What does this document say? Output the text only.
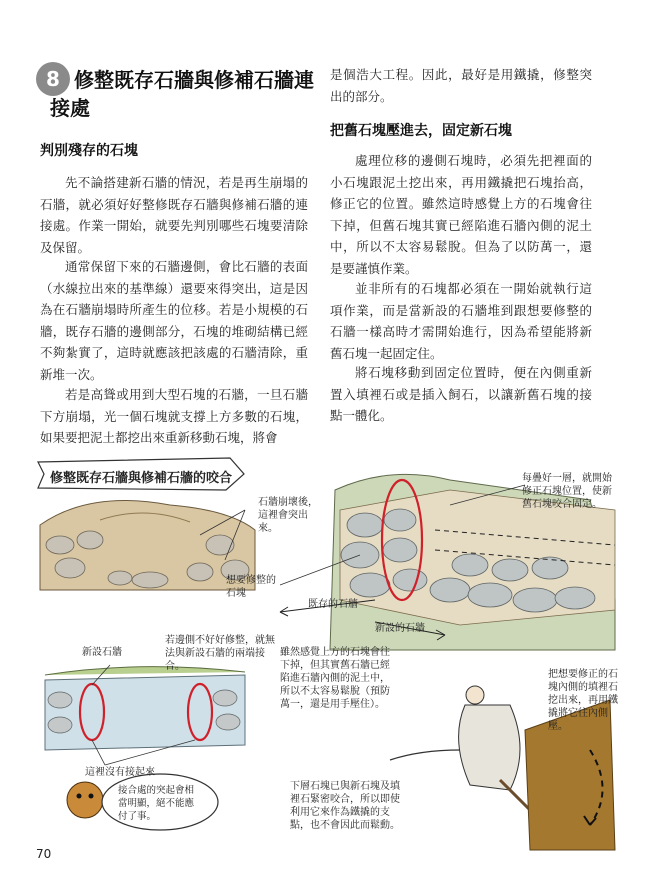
8 修整既存石牆與修補石牆連
接處
判別殘存的石塊

先不論搭建新石牆的情況，若是再生崩塌的石牆，就必須好好整修既存石牆與修補石牆的連接處。作業一開始，就要先判別哪些石塊要清除及保留。

通常保留下來的石牆邊側，會比石牆的表面（水線拉出來的基準線）還要來得突出，這是因為在石牆崩塌時所產生的位移。若是小規模的石牆，既存石牆的邊側部分，石塊的堆砌結構已經不夠紮實了，這時就應該把該處的石牆清除，重新堆一次。

若是高聳或用到大型石塊的石牆，一旦石牆下方崩塌，光一個石塊就支撐上方多數的石塊，如果要把泥土都挖出來重新移動石塊，將會

是個浩大工程。因此，最好是用鐵撬，修整突出的部分。

把舊石塊壓進去，固定新石塊

處理位移的邊側石塊時，必須先把裡面的小石塊跟泥土挖出來，再用鐵撬把石塊抬高，修正它的位置。雖然這時感覺上方的石塊會往下掉，但舊石塊其實已經陷進石牆內側的泥土中，所以不太容易鬆脫。但為了以防萬一，還是要謹慎作業。

並非所有的石塊都必須在一開始就執行這項作業，而是當新設的石牆堆到跟想要修整的石牆一樣高時才需開始進行，因為希望能將新舊石塊一起固定住。

將石塊移動到固定位置時，便在內側重新置入填裡石或是插入飼石，以讓新舊石塊的接點一體化。

修整既存石牆與修補石牆的咬合
石牆崩壞後，這裡會突出來。
想要修整的石塊
既存的石牆
新設的石牆
每疊好一層，就開始修正石塊位置，使新舊石塊咬合固定。
若邊側不好好修整，就無法與新設石牆的兩端接合。
新設石牆
這裡沒有接起來
雖然感覺上方的石塊會往下掉，但其實舊石牆已經陷進石牆內側的泥土中，所以不太容易鬆脫（預防萬一，還是用手壓住）。
把想要修正的石塊內側的填裡石挖出來，再用鐵撬將它往內側壓。
下層石塊已與新石塊及填裡石緊密咬合，所以即使利用它來作為鐵撬的支點，也不會因此而鬆動。
接合處的突起會相當明顯，絕不能應付了事。
70
